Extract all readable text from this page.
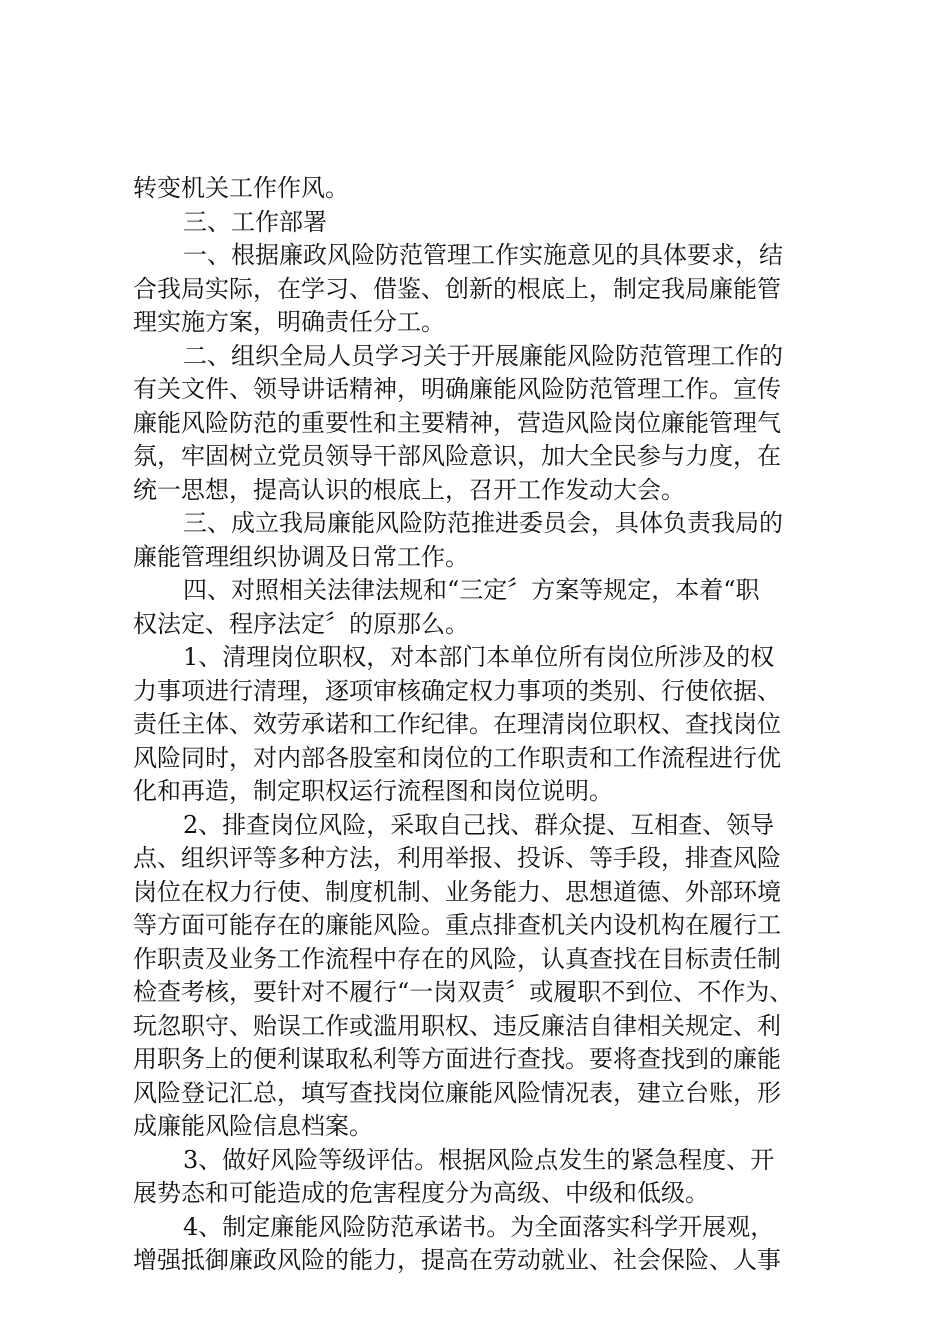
转变机关工作作风。
三、工作部署
一、根据廉政风险防范管理工作实施意见的具体要求，结
合我局实际，在学习、借鉴、创新的根底上，制定我局廉能管
理实施方案，明确责任分工。
二、组织全局人员学习关于开展廉能风险防范管理工作的
有关文件、领导讲话精神，明确廉能风险防范管理工作。宣传
廉能风险防范的重要性和主要精神，营造风险岗位廉能管理气
氛，牢固树立党员领导干部风险意识，加大全民参与力度，在
统一思想，提高认识的根底上，召开工作发动大会。
三、成立我局廉能风险防范推进委员会，具体负责我局的
廉能管理组织协调及日常工作。
四、对照相关法律法规和“三定〞方案等规定，本着“职
权法定、程序法定〞的原那么。
1、清理岗位职权，对本部门本单位所有岗位所涉及的权
力事项进行清理，逐项审核确定权力事项的类别、行使依据、
责任主体、效劳承诺和工作纪律。在理清岗位职权、查找岗位
风险同时，对内部各股室和岗位的工作职责和工作流程进行优
化和再造，制定职权运行流程图和岗位说明。
2、排查岗位风险，采取自己找、群众提、互相查、领导
点、组织评等多种方法，利用举报、投诉、等手段，排查风险
岗位在权力行使、制度机制、业务能力、思想道德、外部环境
等方面可能存在的廉能风险。重点排查机关内设机构在履行工
作职责及业务工作流程中存在的风险，认真查找在目标责任制
检查考核，要针对不履行“一岗双责〞或履职不到位、不作为、
玩忽职守、贻误工作或滥用职权、违反廉洁自律相关规定、利
用职务上的便利谋取私利等方面进行查找。要将查找到的廉能
风险登记汇总，填写查找岗位廉能风险情况表，建立台账，形
成廉能风险信息档案。
3、做好风险等级评估。根据风险点发生的紧急程度、开
展势态和可能造成的危害程度分为高级、中级和低级。
4、制定廉能风险防范承诺书。为全面落实科学开展观，
增强抵御廉政风险的能力，提高在劳动就业、社会保险、人事
